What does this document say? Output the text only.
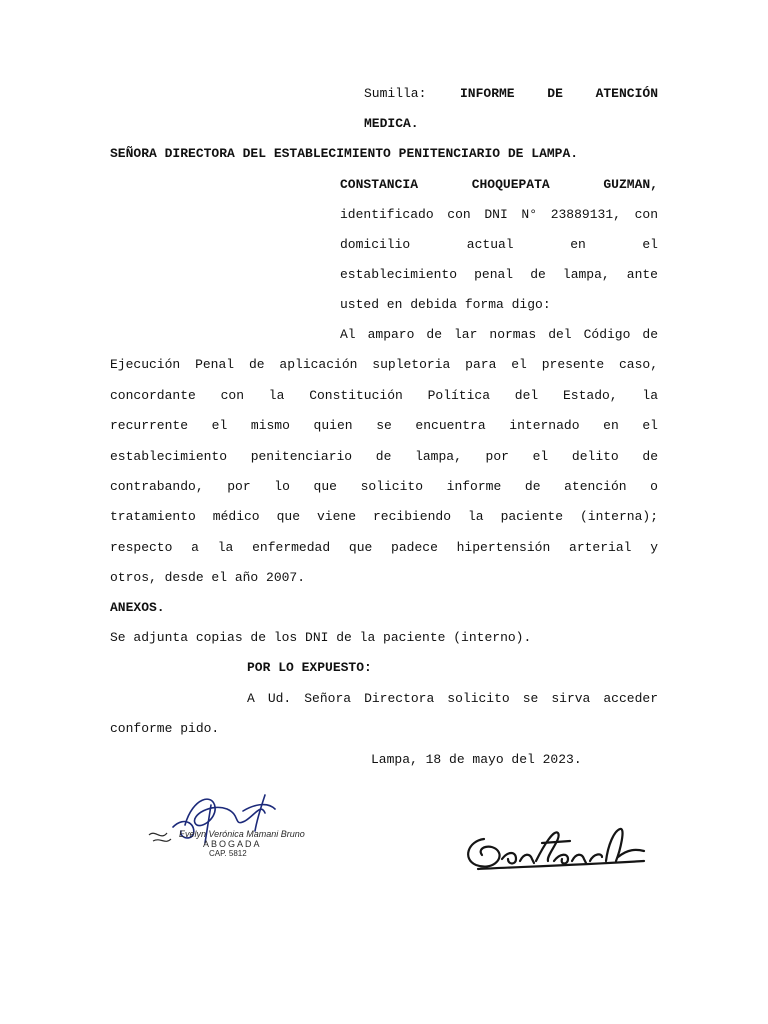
Sumilla:	INFORME DE ATENCIÓN
MEDICA.
SEÑORA DIRECTORA DEL ESTABLECIMIENTO PENITENCIARIO DE LAMPA.
CONSTANCIA CHOQUEPATA GUZMAN,
identificado con DNI N° 23889131, con
domicilio actual en el
establecimiento penal de lampa, ante
usted en debida forma digo:
Al amparo de lar normas del Código de
Ejecución Penal de aplicación supletoria para el presente caso,
concordante con la Constitución Política del Estado, la
recurrente el mismo quien se encuentra internado en el
establecimiento penitenciario de lampa, por el delito de
contrabando, por lo que solicito informe de atención o
tratamiento médico que viene recibiendo la paciente (interna);
respecto a la enfermedad que padece hipertensión arterial y
otros, desde el año 2007.
ANEXOS.
Se adjunta copias de los DNI de la paciente (interno).
POR LO EXPUESTO:
A Ud. Señora Directora solicito se sirva acceder
conforme pido.
Lampa, 18 de mayo del 2023.
Evelyn Verónica Mamani Bruno
ABOGADA
CAP. 5812
